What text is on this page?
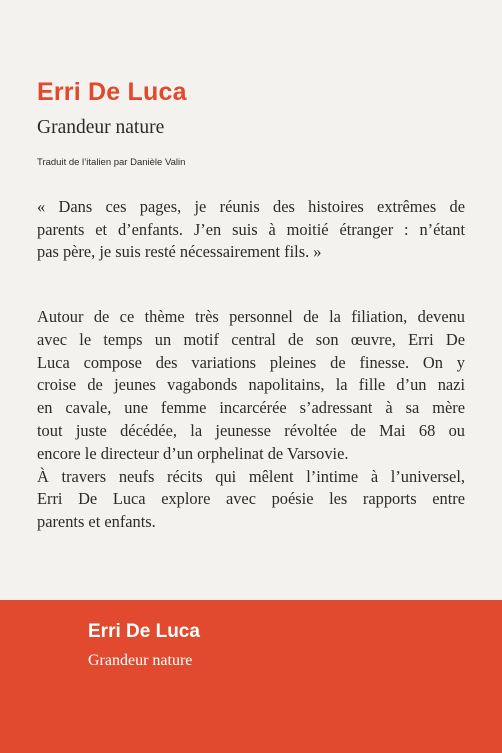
Erri De Luca
Grandeur nature
Traduit de l’italien par Danièle Valin
« Dans ces pages, je réunis des histoires extrêmes de
parents et d’enfants. J’en suis à moitié étranger : n’étant
pas père, je suis resté nécessairement fils. »

Autour de ce thème très personnel de la filiation, devenu
avec le temps un motif central de son œuvre, Erri De
Luca compose des variations pleines de finesse. On y
croise de jeunes vagabonds napolitains, la fille d’un nazi
en cavale, une femme incarcérée s’adressant à sa mère
tout juste décédée, la jeunesse révoltée de Mai 68 ou
encore le directeur d’un orphelinat de Varsovie.

À travers neufs récits qui mêlent l’intime à l’universel,
Erri De Luca explore avec poésie les rapports entre
parents et enfants.

Erri De Luca
Grandeur nature
